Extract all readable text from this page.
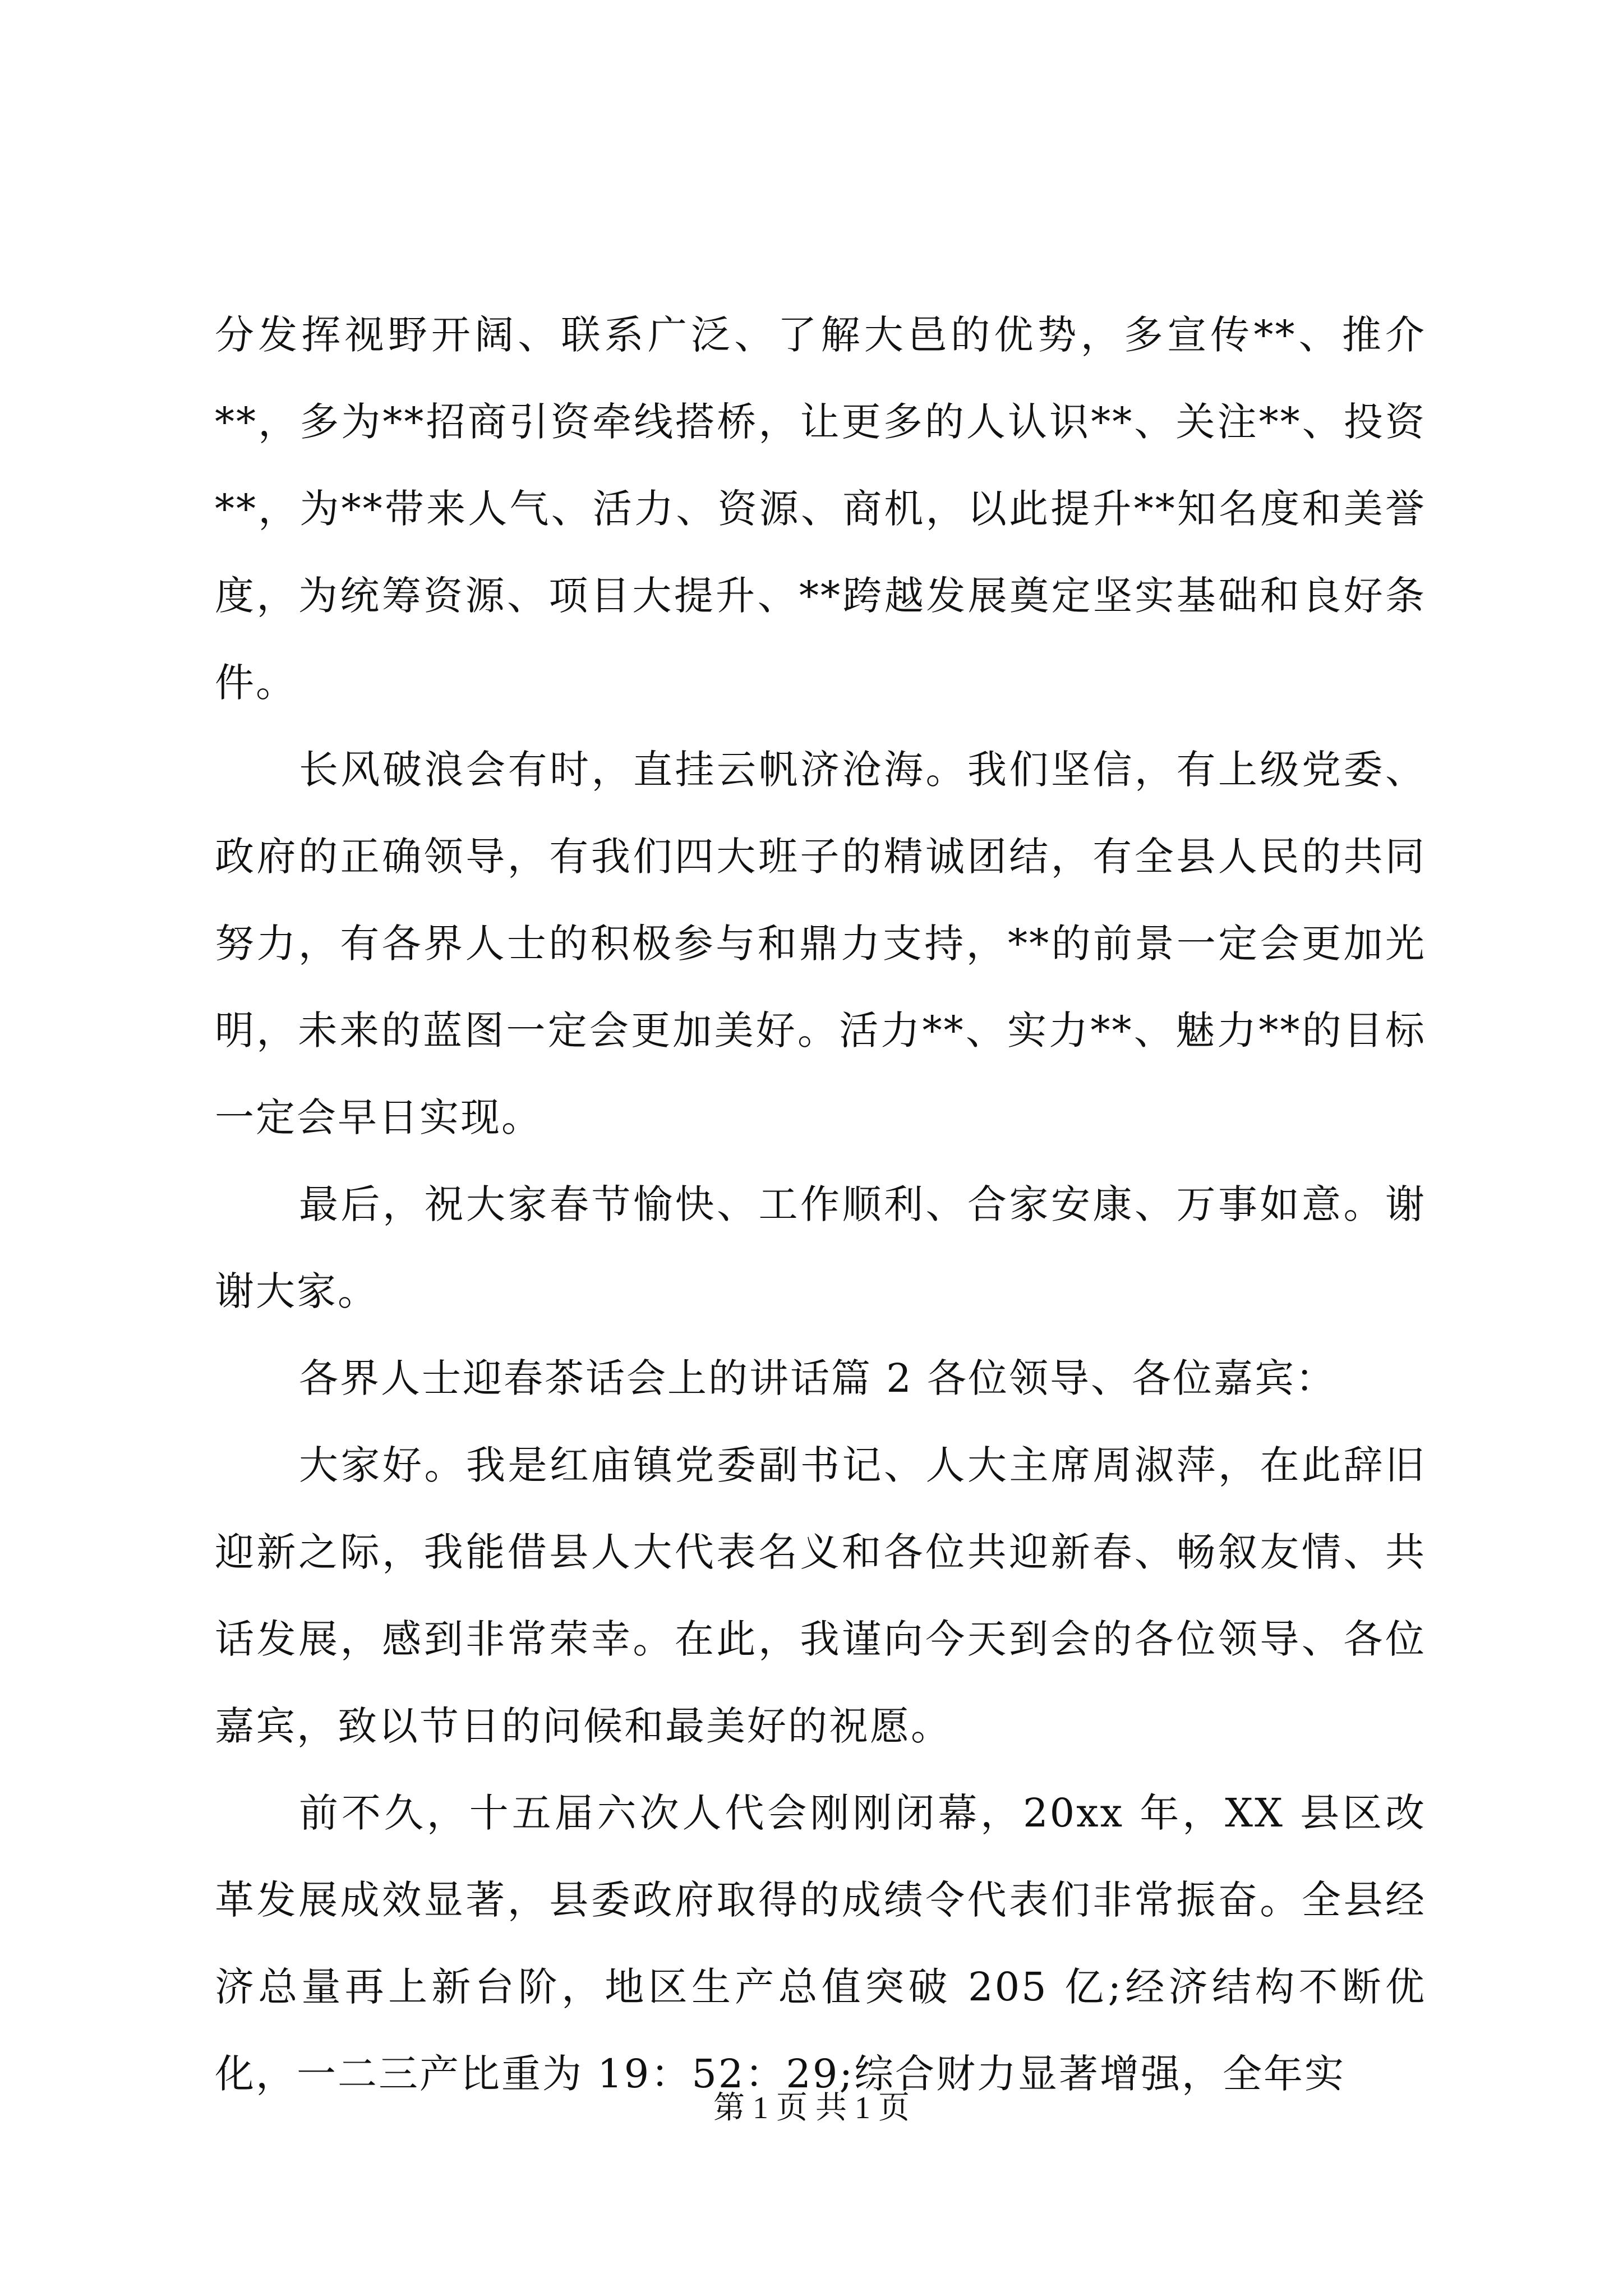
分发挥视野开阔、联系广泛、了解大邑的优势，多宣传**、推介**，多为**招商引资牵线搭桥，让更多的人认识**、关注**、投资**，为**带来人气、活力、资源、商机，以此提升**知名度和美誉度，为统筹资源、项目大提升、**跨越发展奠定坚实基础和良好条件。

长风破浪会有时，直挂云帆济沧海。我们坚信，有上级党委、政府的正确领导，有我们四大班子的精诚团结，有全县人民的共同努力，有各界人士的积极参与和鼎力支持，**的前景一定会更加光明，未来的蓝图一定会更加美好。活力**、实力**、魅力**的目标一定会早日实现。

最后，祝大家春节愉快、工作顺利、合家安康、万事如意。谢谢大家。

各界人士迎春茶话会上的讲话篇 2 各位领导、各位嘉宾：

大家好。我是红庙镇党委副书记、人大主席周淑萍，在此辞旧迎新之际，我能借县人大代表名义和各位共迎新春、畅叙友情、共话发展，感到非常荣幸。在此，我谨向今天到会的各位领导、各位嘉宾，致以节日的问候和最美好的祝愿。

前不久，十五届六次人代会刚刚闭幕，20xx 年，XX 县区改革发展成效显著，县委政府取得的成绩令代表们非常振奋。全县经济总量再上新台阶，地区生产总值突破 205 亿;经济结构不断优化，一二三产比重为 19：52：29;综合财力显著增强，全年实

第 1 页 共 1 页
